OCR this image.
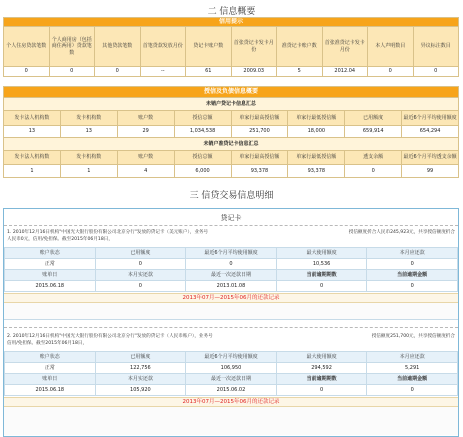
二 信息概要
信用提示									
个人住房贷款笔数	个人商用房（包括商住两用）贷款笔数	其他贷款笔数	首笔贷款发放月份	贷记卡账户数	首张贷记卡发卡月份	准贷记卡账户数	首张准贷记卡发卡月份	本人声明数目	异议标注数目
0	0	0	--	61	2009.03	5	2012.04	0	0
授信及负债信息概要							
未销户贷记卡信息汇总							
发卡法人机构数	发卡机构数	账户数	授信总额	单家行最高授信额	单家行最低授信额	已用额度	最近6个月平均使用额度
13	13	29	1,034,538	251,700	18,000	659,914	654,294
未销户准贷记卡信息汇总							
发卡法人机构数	发卡机构数	账户数	授信总额	单家行最高授信额	单家行最低授信额	透支余额	最近6个月平均透支余额
1	1	4	6,000	93,378	93,378	0	99
三 信贷交易信息明细
贷记卡
1. 2010年12月16日机构"中国光大银行股份有限公司北京分行"发放的贷记卡（美元账户），业务号	授信额度折合人民币245,923元，共享授信额度折合

人民币0元，信用/免担保。截至2015年06月18日，
账户状态	已用额度	最近6个月平均使用额度	最大使用额度	本月应还款
正常	0	0	10,536	0
账单日	本月实还款	最近一次还款日期	当前逾期期数	当前逾期金额
2015.06.18	0	2013.01.08	0	0
2013年07月—2015年06月的还款记录
2. 2010年12月16日机构"中国光大银行股份有限公司北京分行"发放的贷记卡（人民币账户），业务号	授信额度251,700元，共享授信额度折合

信用/免担保。截至2015年06月18日，
账户状态	已用额度	最近6个月平均使用额度	最大使用额度	本月应还款
正常	122,756	106,950	294,592	5,291
账单日	本月实还款	最近一次还款日期	当前逾期期数	当前逾期金额
2015.06.18	105,920	2015.06.02	0	0
2013年07月—2015年06月的还款记录
